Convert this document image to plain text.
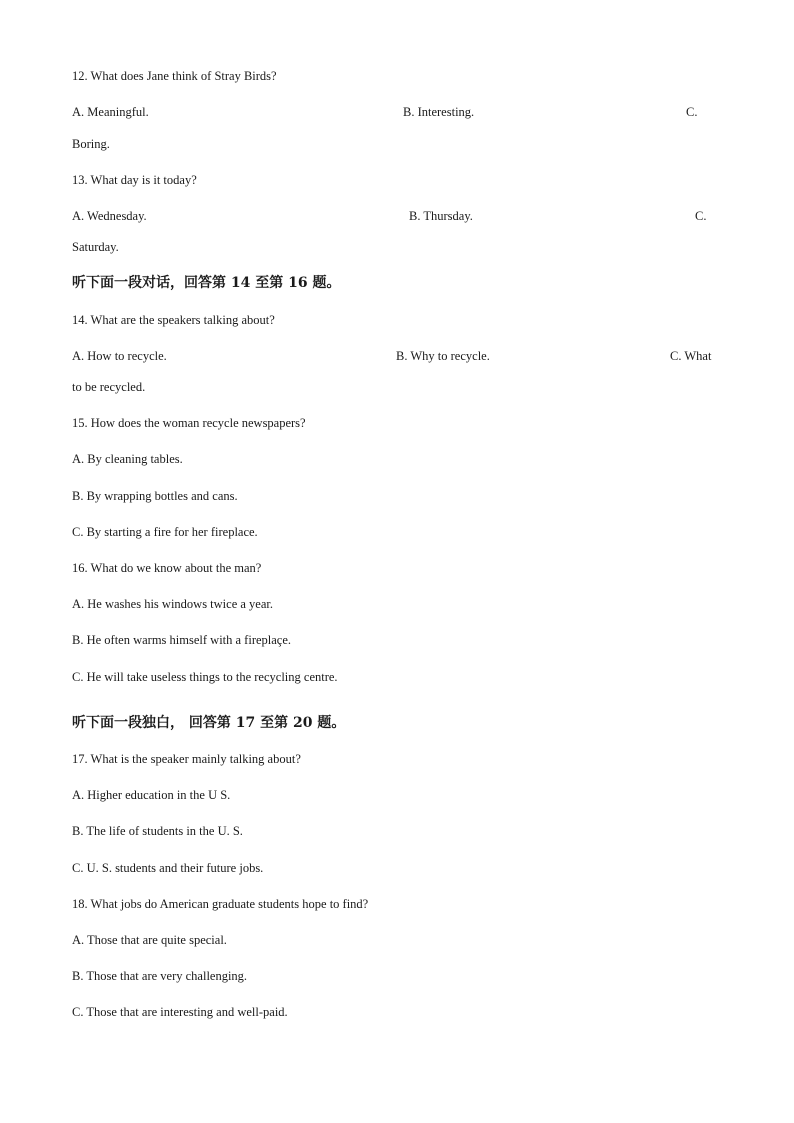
12. What does Jane think of Stray Birds?
A. Meaningful.	B. Interesting.	C.
Boring.
13. What day is it today?
A. Wednesday.	B. Thursday.	C.
Saturday.
听下面一段对话，回答第 14 至第 16 题。
14. What are the speakers talking about?
A. How to recycle.	B. Why to recycle.	C. What
to be recycled.
15. How does the woman recycle newspapers?
A. By cleaning tables.
B. By wrapping bottles and cans.
C. By starting a fire for her fireplace.
16. What do we know about the man?
A. He washes his windows twice a year.
B. He often warms himself with a fireplaçe.
C. He will take useless things to the recycling centre.
听下面一段独白， 回答第 17 至第 20 题。
17. What is the speaker mainly talking about?
A. Higher education in the U S.
B. The life of students in the U. S.
C. U. S. students and their future jobs.
18. What jobs do American graduate students hope to find?
A. Those that are quite special.
B. Those that are very challenging.
C. Those that are interesting and well-paid.
